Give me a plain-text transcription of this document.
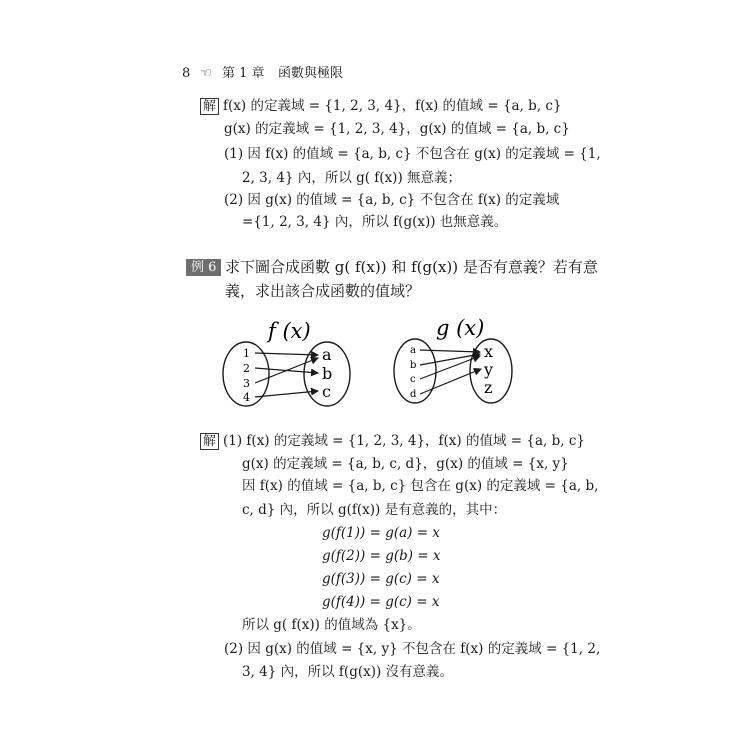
8 ☜ 第 1 章 函數與極限
解 f(x) 的定義域 = {1, 2, 3, 4}，f(x) 的值域 = {a, b, c}
g(x) 的定義域 = {1, 2, 3, 4}，g(x) 的值域 = {a, b, c}
(1) 因 f(x) 的值域 = {a, b, c} 不包含在 g(x) 的定義域 = {1,
2, 3, 4} 內，所以 g( f(x)) 無意義；
(2) 因 g(x) 的值域 = {a, b, c} 不包含在 f(x) 的定義域
={1, 2, 3, 4} 內，所以 f(g(x)) 也無意義。
例 6 求下圖合成函數 g( f(x)) 和 f(g(x)) 是否有意義？若有意
義，求出該合成函數的值域？
f (x)
1
2
3
4
a
b
c
g (x)
a
b
c
d
x
y
z
解 (1) f(x) 的定義域 = {1, 2, 3, 4}，f(x) 的值域 = {a, b, c}
g(x) 的定義域 = {a, b, c, d}，g(x) 的值域 = {x, y}
因 f(x) 的值域 = {a, b, c} 包含在 g(x) 的定義域 = {a, b,
c, d} 內，所以 g(f(x)) 是有意義的，其中：
g(f(1)) = g(a) = x
g(f(2)) = g(b) = x
g(f(3)) = g(c) = x
g(f(4)) = g(c) = x
所以 g( f(x)) 的值域為 {x}。
(2) 因 g(x) 的值域 = {x, y} 不包含在 f(x) 的定義域 = {1, 2,
3, 4} 內，所以 f(g(x)) 沒有意義。
